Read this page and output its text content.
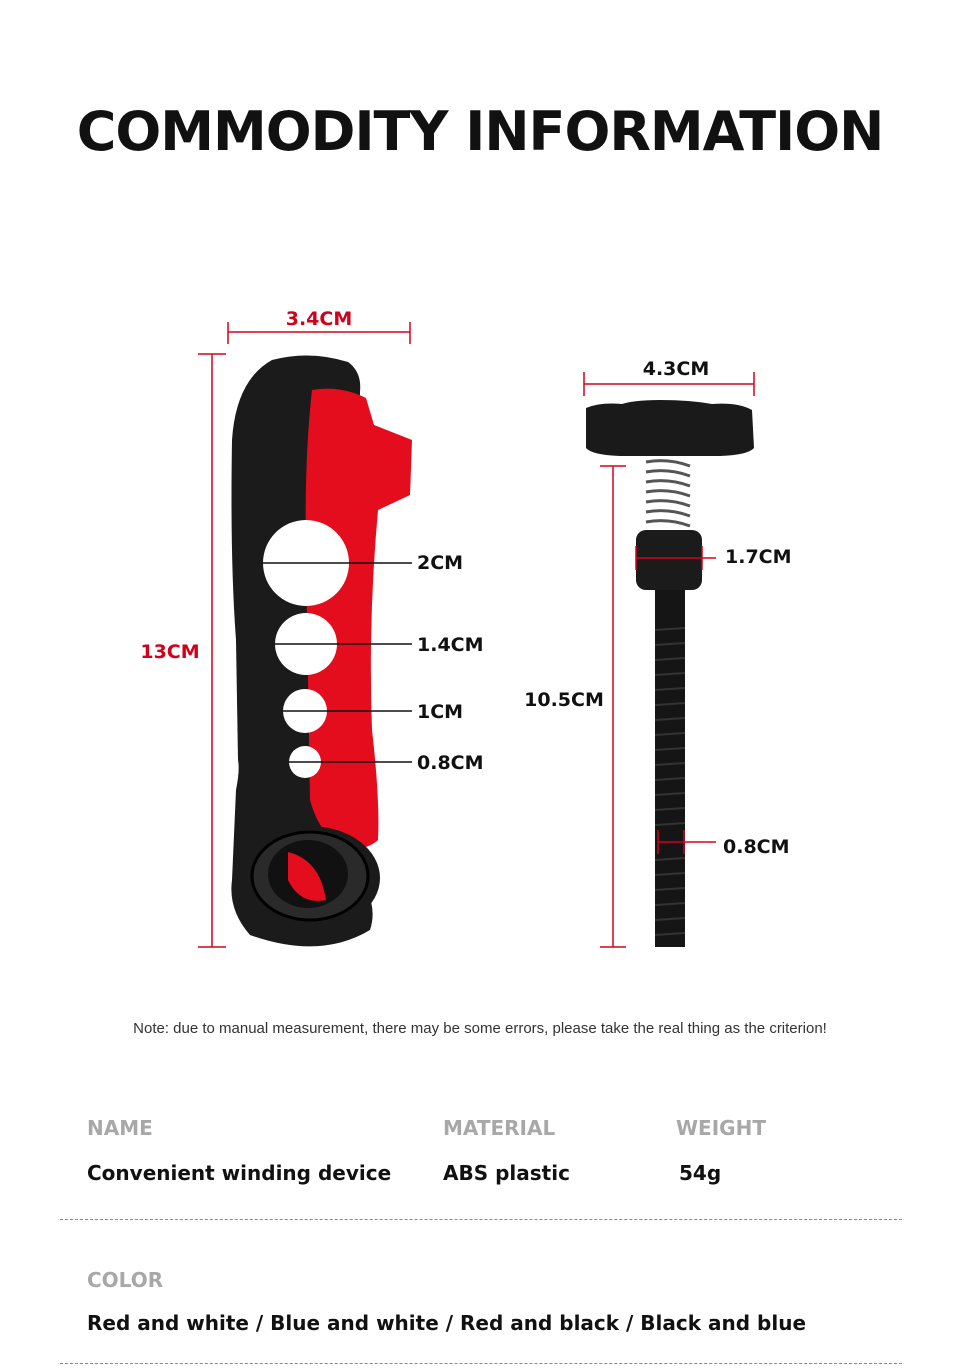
COMMODITY INFORMATION
3.4CM
13CM
2CM
1.4CM
1CM
0.8CM
4.3CM
1.7CM
10.5CM
0.8CM
Note: due to manual measurement, there may be some errors, please take the real thing as the criterion!
NAME	MATERIAL	WEIGHT
Convenient winding device	ABS plastic	54g
COLOR
Red and white / Blue and white / Red and black / Black and blue
